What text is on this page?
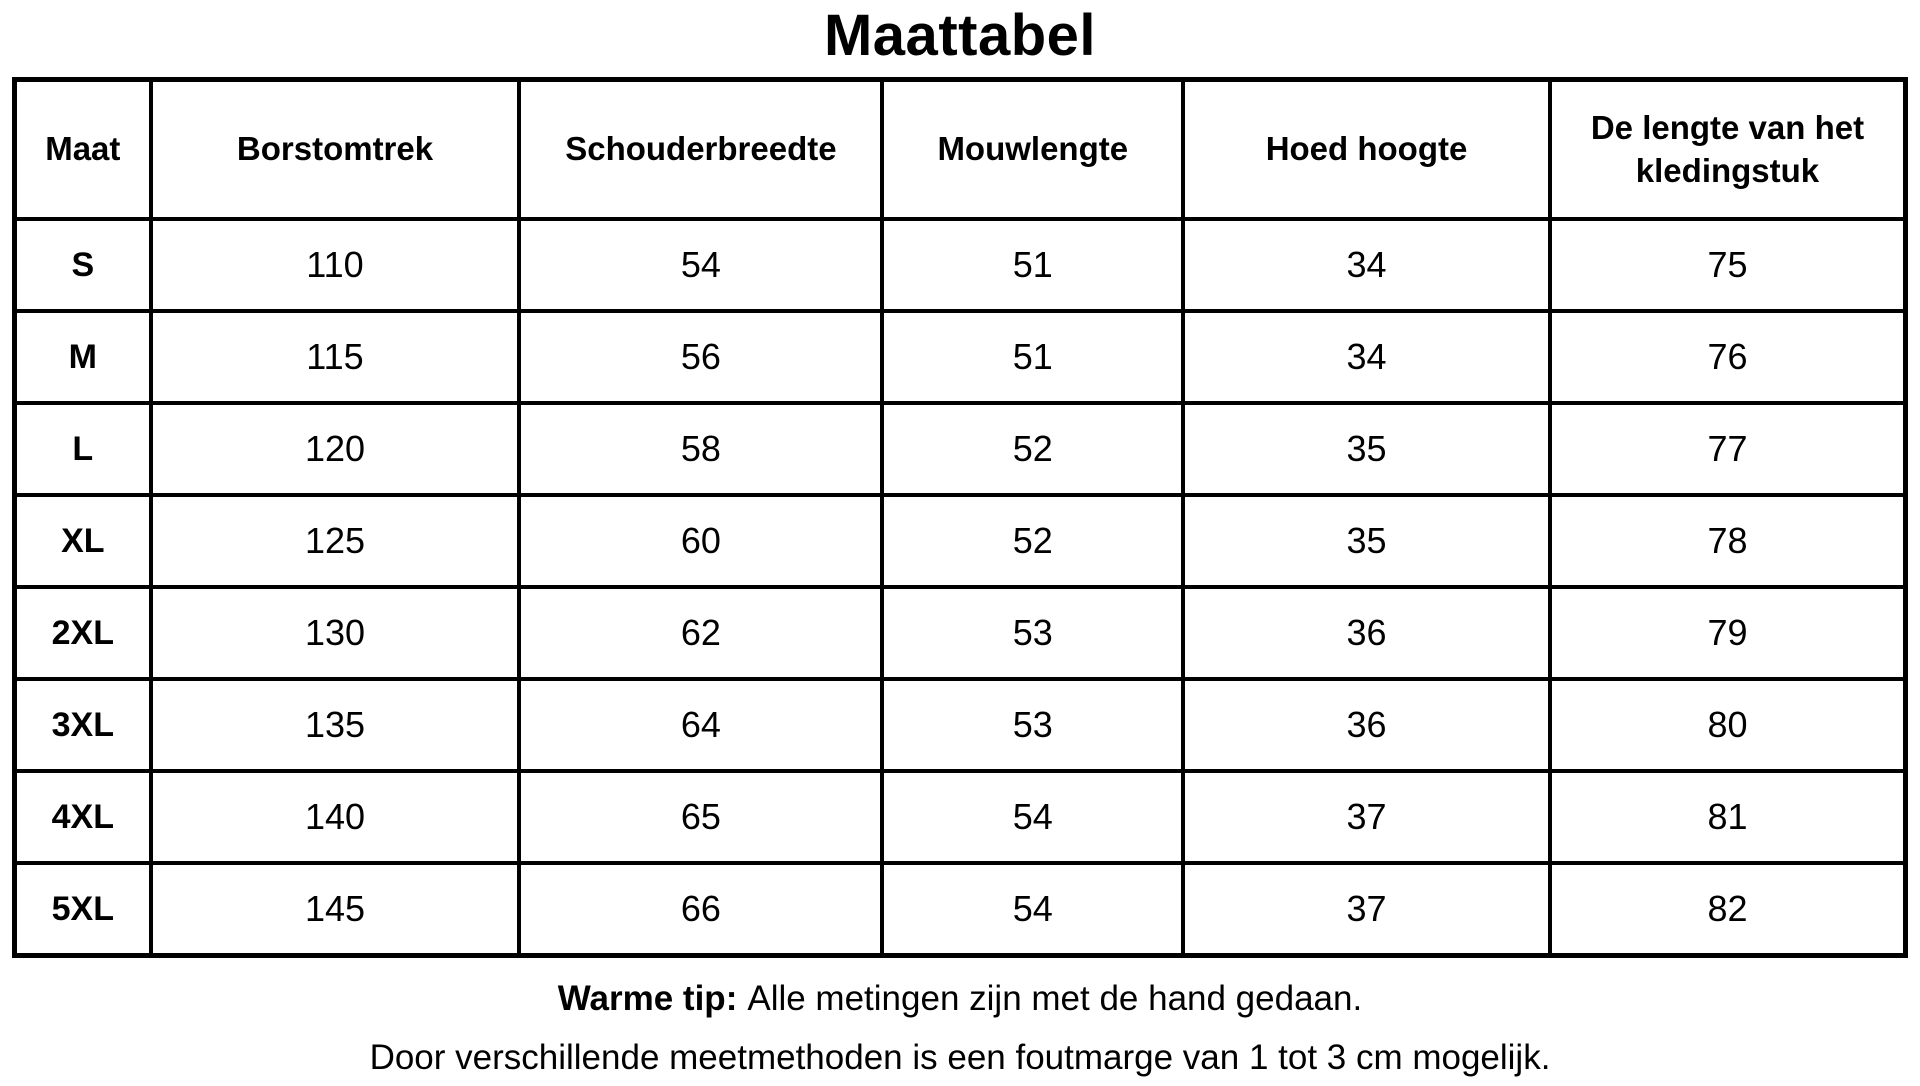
Maattabel
Maat	Borstomtrek	Schouderbreedte	Mouwlengte	Hoed hoogte	De lengte van het kledingstuk
S	110	54	51	34	75
M	115	56	51	34	76
L	120	58	52	35	77
XL	125	60	52	35	78
2XL	130	62	53	36	79
3XL	135	64	53	36	80
4XL	140	65	54	37	81
5XL	145	66	54	37	82

Warme tip: Alle metingen zijn met de hand gedaan.

Door verschillende meetmethoden is een foutmarge van 1 tot 3 cm mogelijk.
